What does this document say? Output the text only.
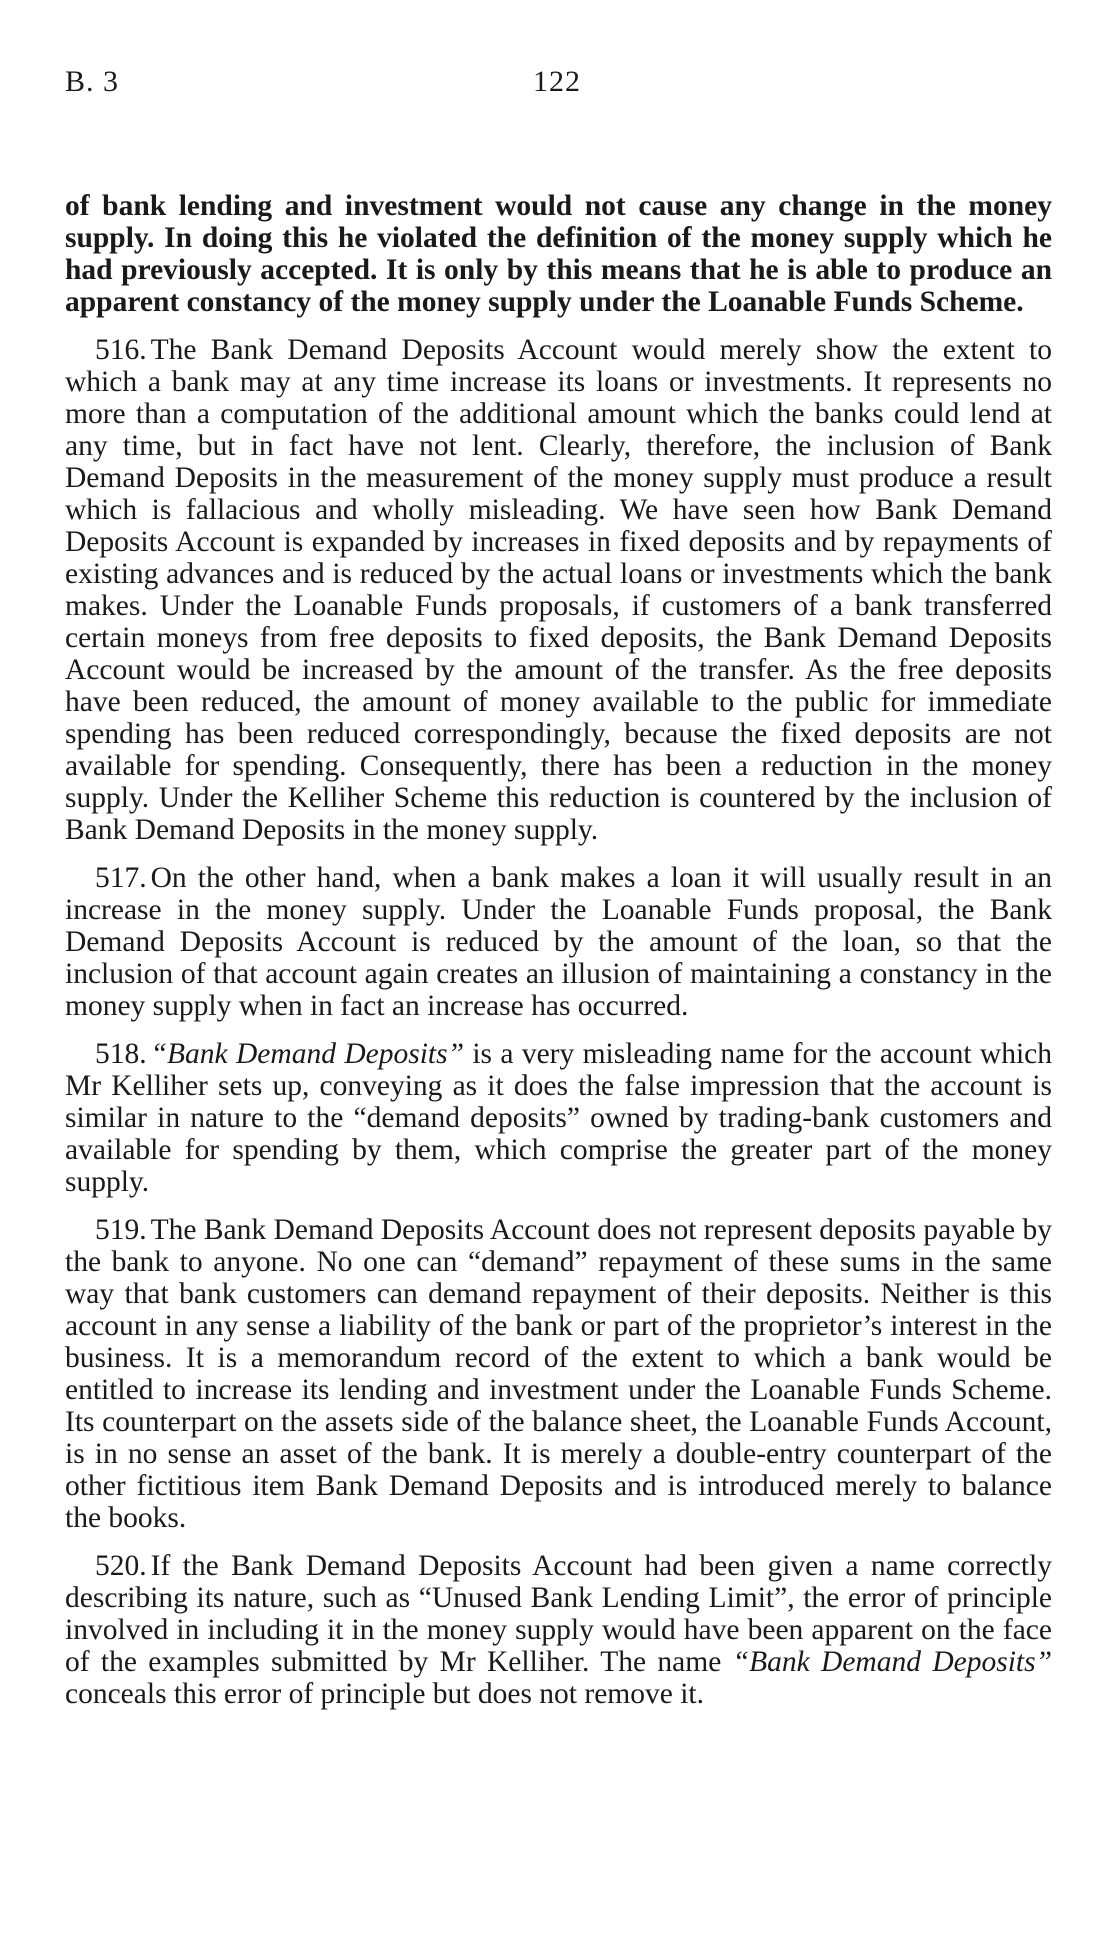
B. 3	122

of bank lending and investment would not cause any change in the money supply. In doing this he violated the definition of the money supply which he had previously accepted. It is only by this means that he is able to produce an apparent constancy of the money supply under the Loanable Funds Scheme.

516. The Bank Demand Deposits Account would merely show the extent to which a bank may at any time increase its loans or investments. It represents no more than a computation of the additional amount which the banks could lend at any time, but in fact have not lent. Clearly, therefore, the inclusion of Bank Demand Deposits in the measurement of the money supply must produce a result which is fallacious and wholly misleading. We have seen how Bank Demand Deposits Account is expanded by increases in fixed deposits and by repayments of existing advances and is reduced by the actual loans or investments which the bank makes. Under the Loanable Funds proposals, if customers of a bank transferred certain moneys from free deposits to fixed deposits, the Bank Demand Deposits Account would be increased by the amount of the transfer. As the free deposits have been reduced, the amount of money available to the public for immediate spending has been reduced correspondingly, because the fixed deposits are not available for spending. Consequently, there has been a reduction in the money supply. Under the Kelliher Scheme this reduction is countered by the inclusion of Bank Demand Deposits in the money supply.

517. On the other hand, when a bank makes a loan it will usually result in an increase in the money supply. Under the Loanable Funds proposal, the Bank Demand Deposits Account is reduced by the amount of the loan, so that the inclusion of that account again creates an illusion of maintaining a constancy in the money supply when in fact an increase has occurred.

518. “Bank Demand Deposits” is a very misleading name for the account which Mr Kelliher sets up, conveying as it does the false impression that the account is similar in nature to the “demand deposits” owned by trading-bank customers and available for spending by them, which comprise the greater part of the money supply.

519. The Bank Demand Deposits Account does not represent deposits payable by the bank to anyone. No one can “demand” repayment of these sums in the same way that bank customers can demand repayment of their deposits. Neither is this account in any sense a liability of the bank or part of the proprietor’s interest in the business. It is a memorandum record of the extent to which a bank would be entitled to increase its lending and investment under the Loanable Funds Scheme. Its counterpart on the assets side of the balance sheet, the Loanable Funds Account, is in no sense an asset of the bank. It is merely a double-entry counterpart of the other fictitious item Bank Demand Deposits and is introduced merely to balance the books.

520. If the Bank Demand Deposits Account had been given a name correctly describing its nature, such as “Unused Bank Lending Limit”, the error of principle involved in including it in the money supply would have been apparent on the face of the examples submitted by Mr Kelliher. The name “Bank Demand Deposits” conceals this error of principle but does not remove it.
